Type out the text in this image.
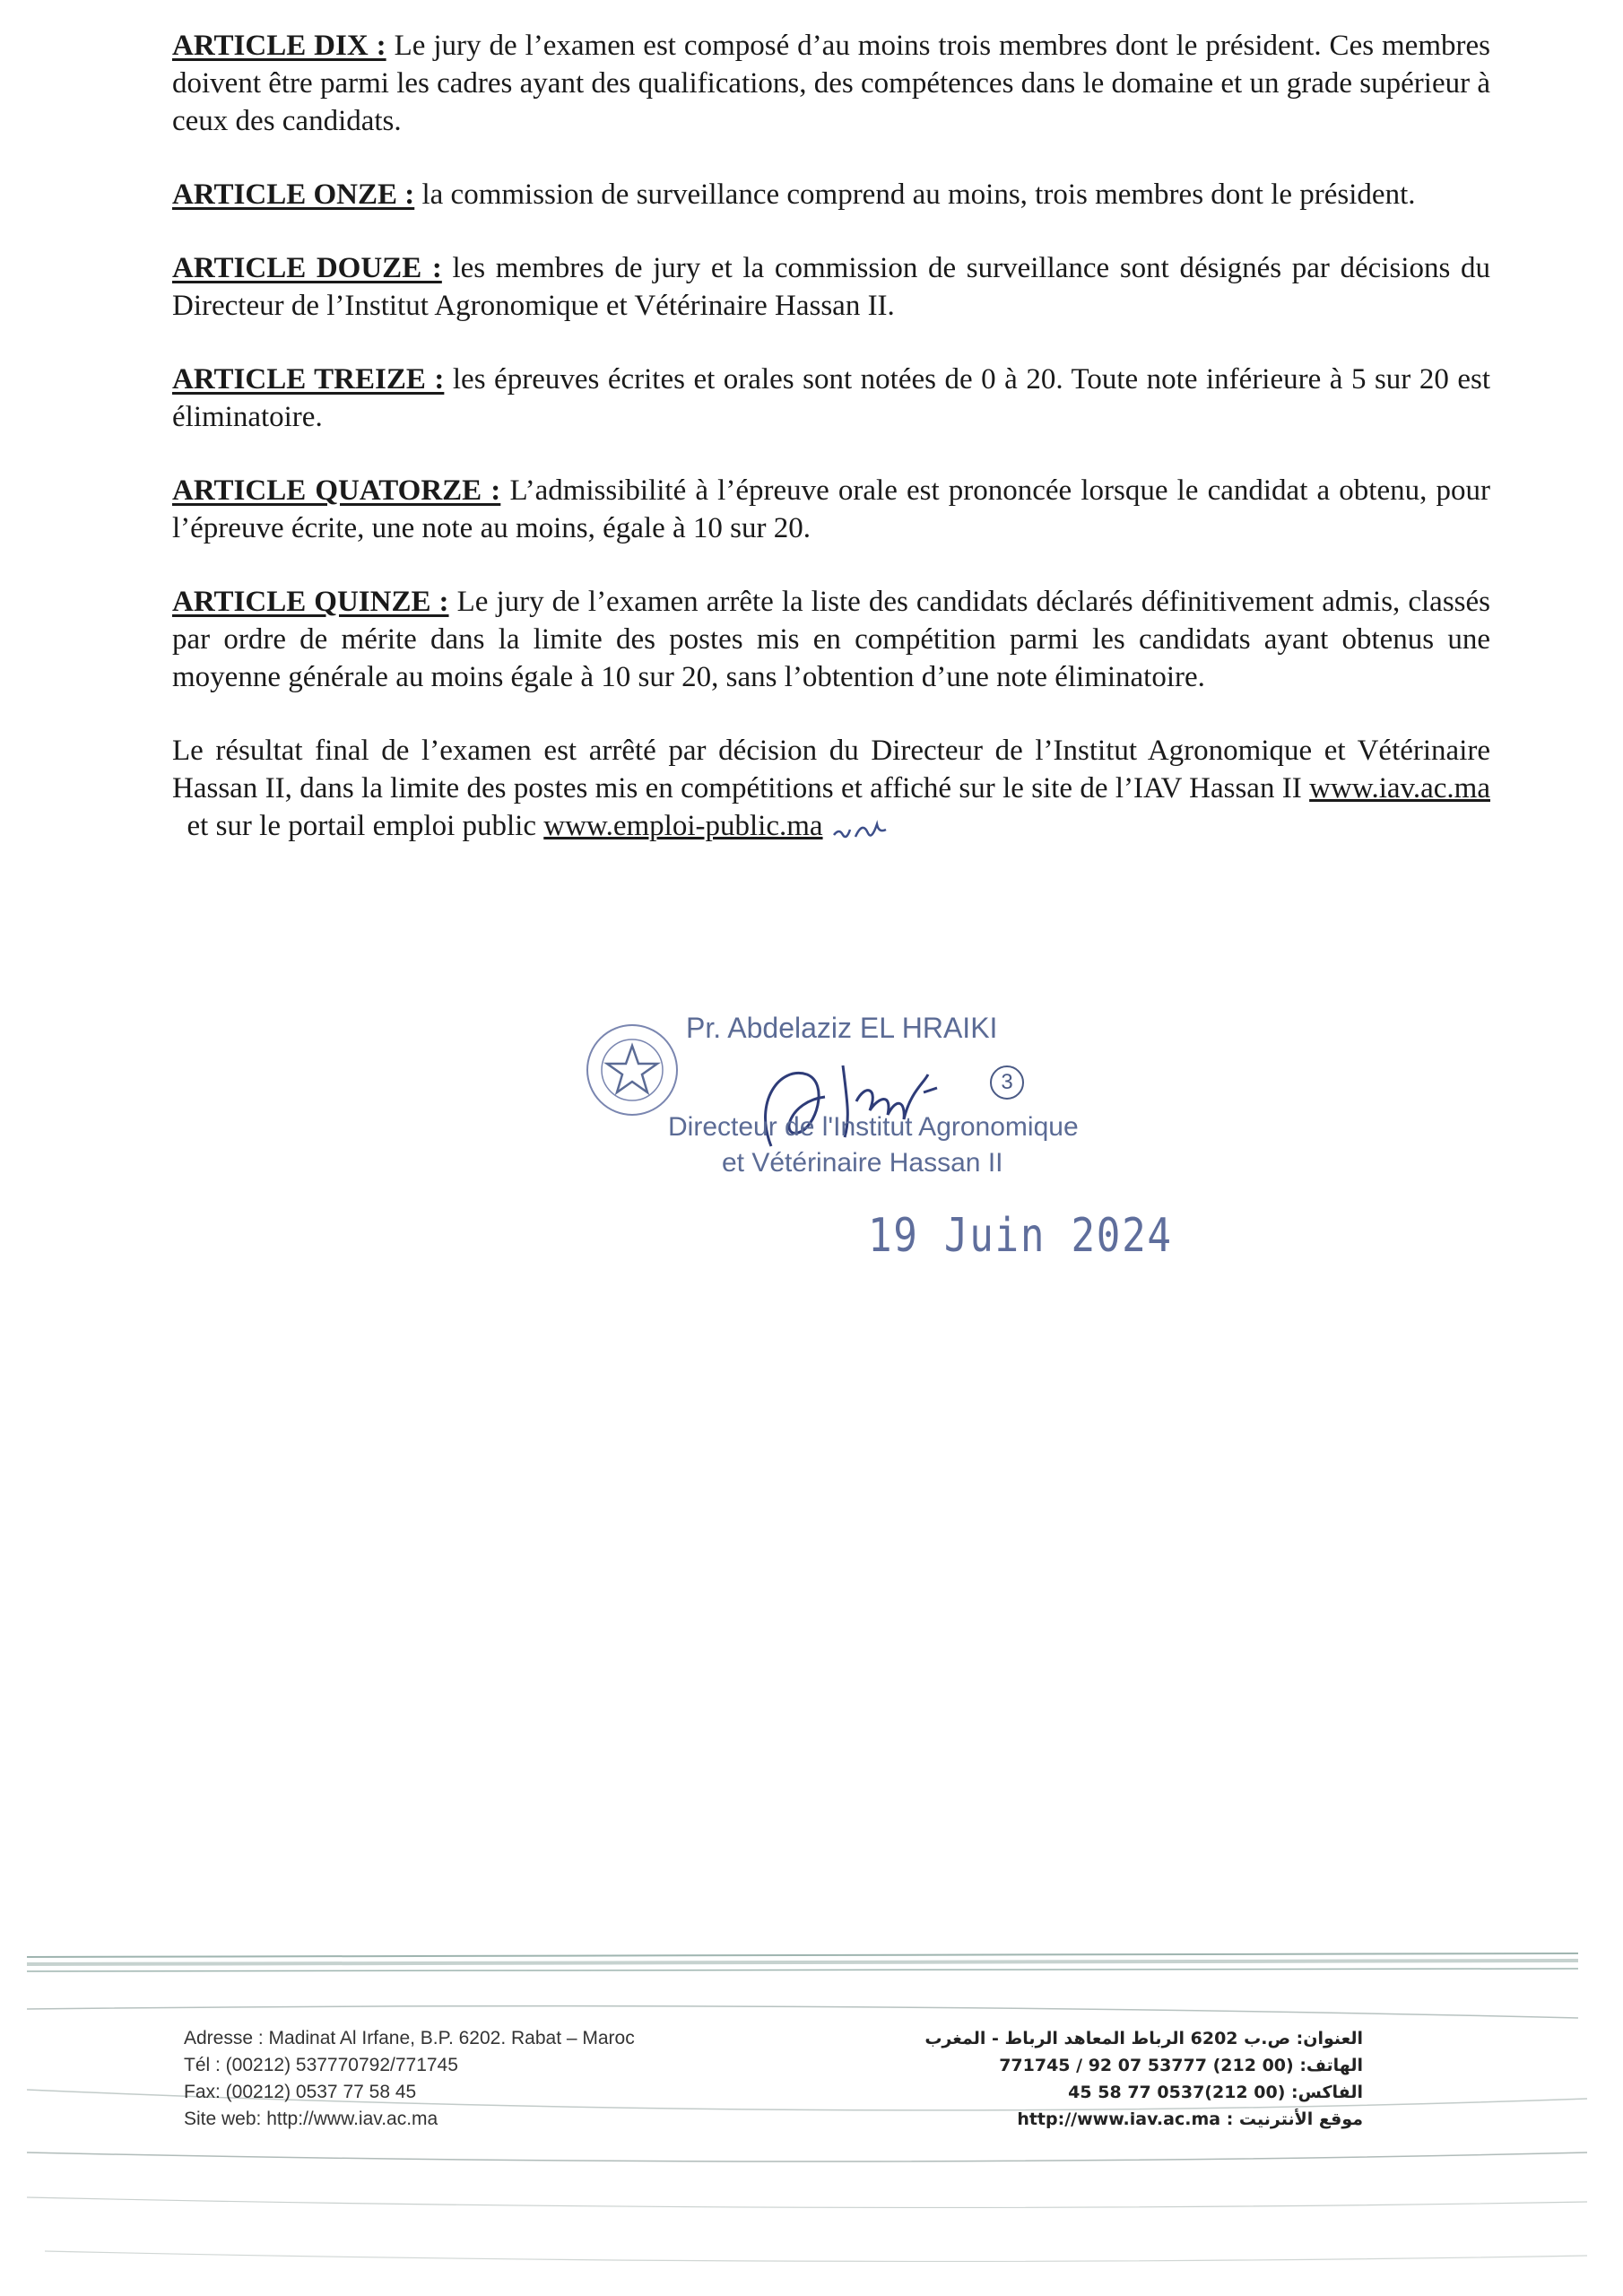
ARTICLE DIX : Le jury de l’examen est composé d’au moins trois membres dont le président. Ces membres doivent être parmi les cadres ayant des qualifications, des compétences dans le domaine et un grade supérieur à ceux des candidats.

ARTICLE ONZE : la commission de surveillance comprend au moins, trois membres dont le président.

ARTICLE DOUZE : les membres de jury et la commission de surveillance sont désignés par décisions du Directeur de l’Institut Agronomique et Vétérinaire Hassan II.

ARTICLE TREIZE : les épreuves écrites et orales sont notées de 0 à 20. Toute note inférieure à 5 sur 20 est éliminatoire.

ARTICLE QUATORZE : L’admissibilité à l’épreuve orale est prononcée lorsque le candidat a obtenu, pour l’épreuve écrite, une note au moins, égale à 10 sur 20.

ARTICLE QUINZE : Le jury de l’examen arrête la liste des candidats déclarés définitivement admis, classés par ordre de mérite dans la limite des postes mis en compétition parmi les candidats ayant obtenus une moyenne générale au moins égale à 10 sur 20, sans l’obtention d’une note éliminatoire.

Le résultat final de l’examen est arrêté par décision du Directeur de l’Institut Agronomique et Vétérinaire Hassan II, dans la limite des postes mis en compétitions et affiché sur le site de l’IAV Hassan II www.iav.ac.ma  et sur le portail emploi public www.emploi-public.ma

Pr. Abdelaziz EL HRAIKI
3
Directeur de l'Institut Agronomique
et Vétérinaire Hassan II
19 Juin 2024
Adresse : Madinat Al Irfane, B.P. 6202. Rabat – Maroc
Tél : (00212) 537770792/771745
Fax: (00212) 0537 77 58 45
Site web: http://www.iav.ac.ma
العنوان: ص.ب 6202 الرباط المعاهد الرباط - المغرب
الهاتف: (00 212) 53777 07 92 / 771745
الفاكس: (00 212)0537 77 58 45
موقع الأنترنيت : http://www.iav.ac.ma
